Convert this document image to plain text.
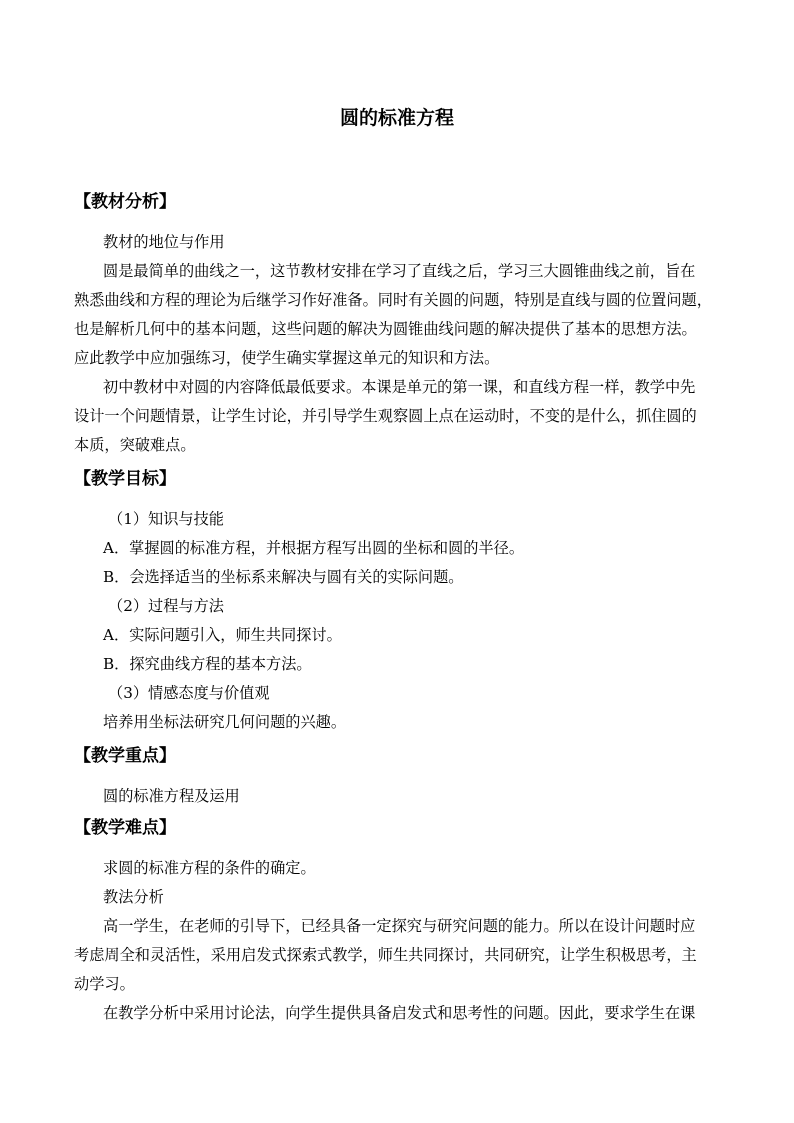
圆的标准方程
【教材分析】
教材的地位与作用
圆是最简单的曲线之一，这节教材安排在学习了直线之后，学习三大圆锥曲线之前，旨在
熟悉曲线和方程的理论为后继学习作好准备。同时有关圆的问题，特别是直线与圆的位置问题，
也是解析几何中的基本问题，这些问题的解决为圆锥曲线问题的解决提供了基本的思想方法。
应此教学中应加强练习，使学生确实掌握这单元的知识和方法。
初中教材中对圆的内容降低最低要求。本课是单元的第一课，和直线方程一样，教学中先
设计一个问题情景，让学生讨论，并引导学生观察圆上点在运动时，不变的是什么，抓住圆的
本质，突破难点。
【教学目标】
（1）知识与技能
A．掌握圆的标准方程，并根据方程写出圆的坐标和圆的半径。
B．会选择适当的坐标系来解决与圆有关的实际问题。
（2）过程与方法
A．实际问题引入，师生共同探讨。
B．探究曲线方程的基本方法。
（3）情感态度与价值观
培养用坐标法研究几何问题的兴趣。
【教学重点】
圆的标准方程及运用
【教学难点】
求圆的标准方程的条件的确定。
教法分析
高一学生，在老师的引导下，已经具备一定探究与研究问题的能力。所以在设计问题时应
考虑周全和灵活性，采用启发式探索式教学，师生共同探讨，共同研究，让学生积极思考，主
动学习。
在教学分析中采用讨论法，向学生提供具备启发式和思考性的问题。因此，要求学生在课
